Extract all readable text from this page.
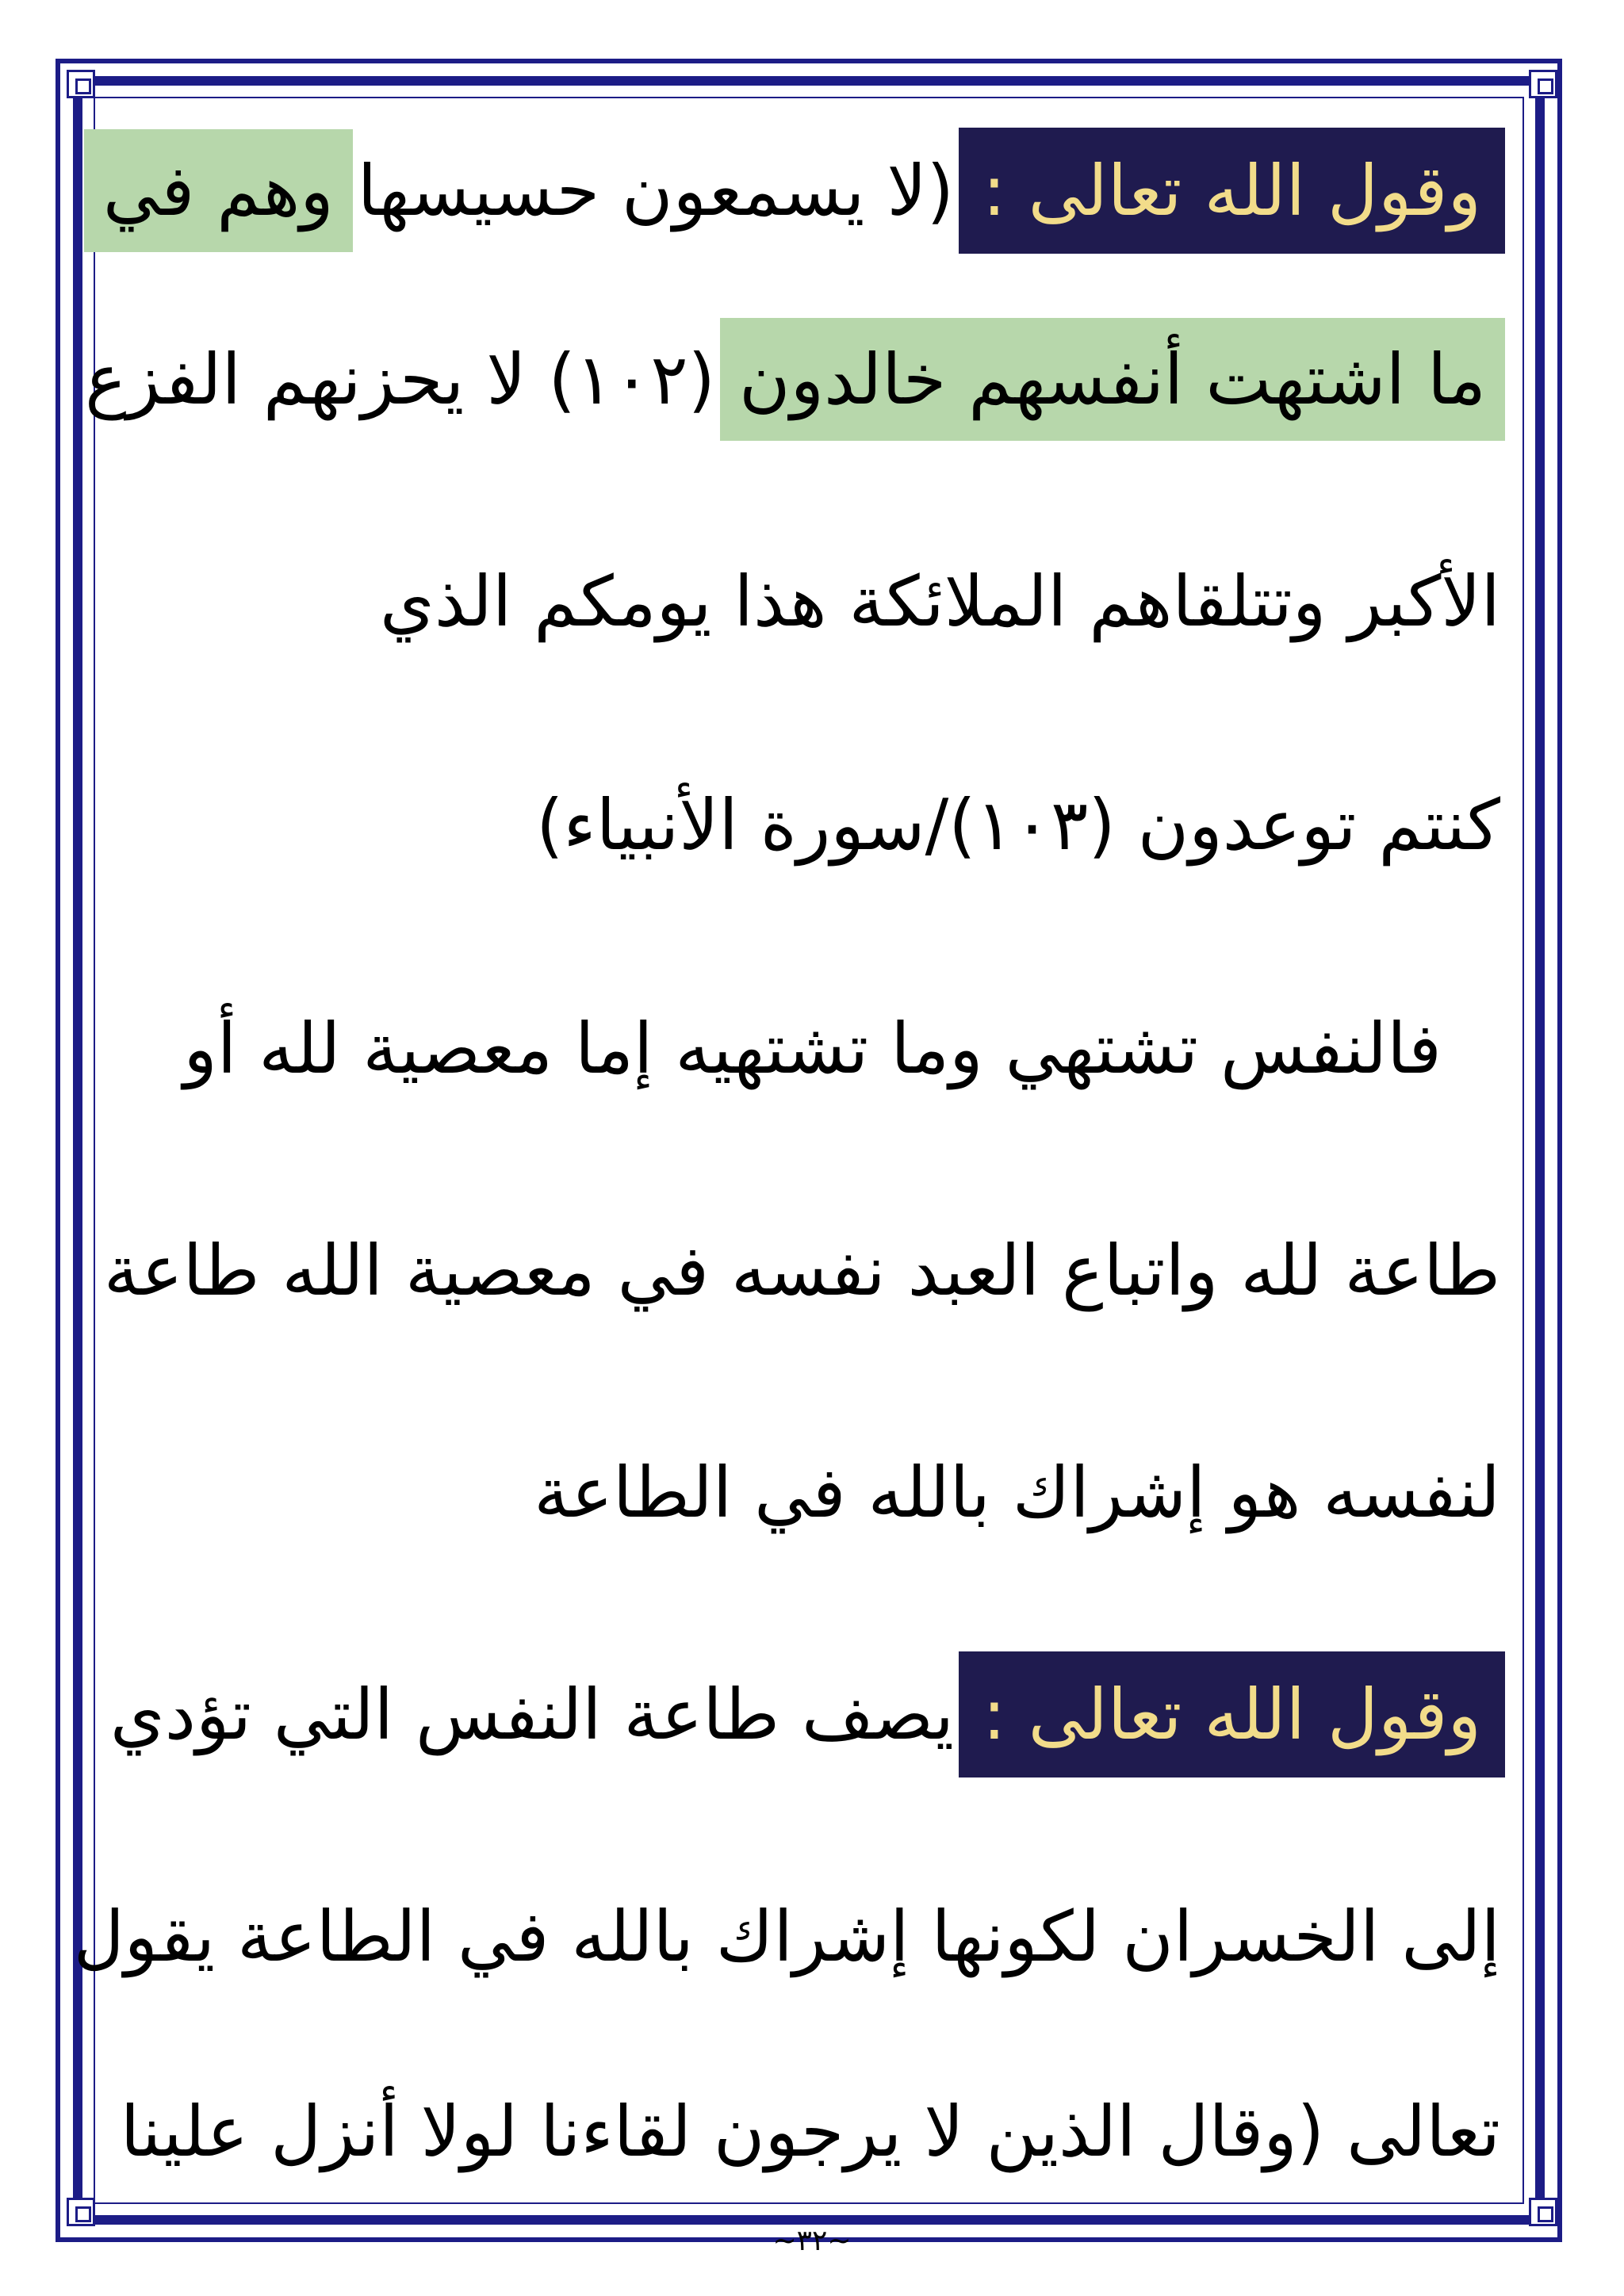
وقول الله تعالى :
(لا يسمعون حسيسها
وهم في
ما اشتهت أنفسهم خالدون
(١٠٢) لا يحزنهم الفزع
الأكبر وتتلقاهم الملائكة هذا يومكم الذي
كنتم توعدون (١٠٣)/سورة الأنبياء)
فالنفس تشتهي وما تشتهيه إما معصية لله أو
طاعة لله واتباع العبد نفسه في معصية الله طاعة
لنفسه هو إشراك بالله في الطاعة
وقول الله تعالى :
يصف طاعة النفس التي تؤدي
إلى الخسران لكونها إشراك بالله في الطاعة يقول
تعالى (وقال الذين لا يرجون لقاءنا لولا أنزل علينا
~٣٢~
